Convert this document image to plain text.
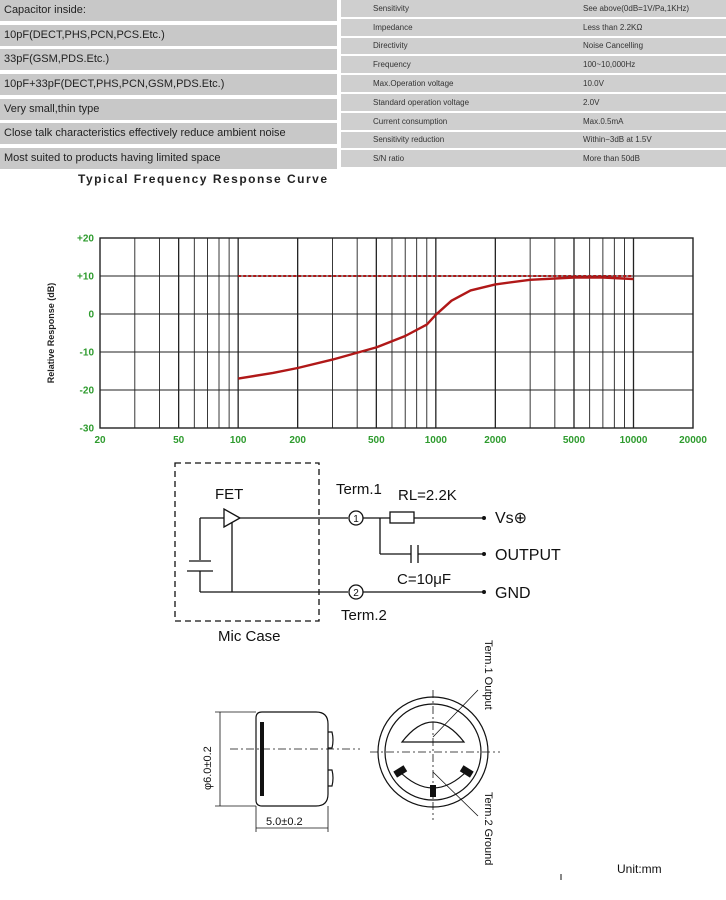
Capacitor inside:
10pF(DECT,PHS,PCN,PCS.Etc.)
33pF(GSM,PDS.Etc.)
10pF+33pF(DECT,PHS,PCN,GSM,PDS.Etc.)
Very small,thin type
Close talk characteristics effectively reduce ambient noise
Most suited to products having limited space
Sensitivity	See above(0dB=1V/Pa,1KHz)
Impedance	Less than 2.2KΩ
Directivity	Noise Cancelling
Frequency	100~10,000Hz
Max.Operation voltage	10.0V
Standard operation voltage	2.0V
Current consumption	Max.0.5mA
Sensitivity reduction	Within−3dB at 1.5V
S/N ratio	More than 50dB
Typical Frequency Response Curve
+20
+10
0
-10
-20
-30
20	50	100	200	500	1000	2000	5000	10000	20000
Relative Response (dB)
FET	Term.1
Term.2
RL=2.2K
Vs⊕
OUTPUT
C=10μF
GND
Mic Case
1
2
φ6.0±0.2
5.0±0.2
Term.1 Output
Term.2 Ground
Unit:mm
